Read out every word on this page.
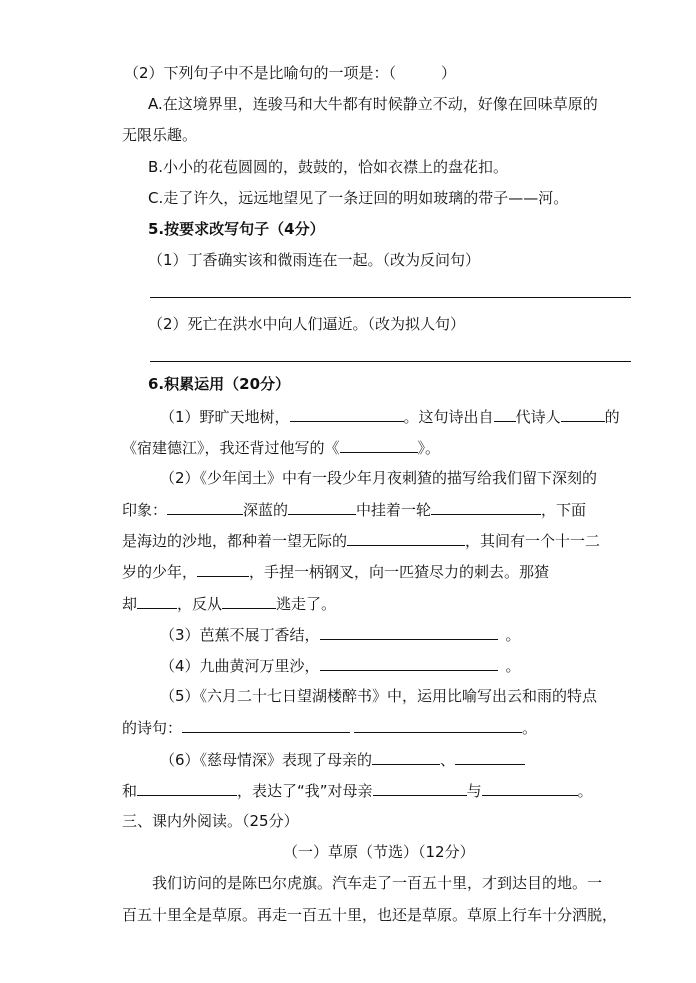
（2）下列句子中不是比喻句的一项是：（　　　）
A.在这境界里，连骏马和大牛都有时候静立不动，好像在回味草原的
无限乐趣。
B.小小的花苞圆圆的，鼓鼓的，恰如衣襟上的盘花扣。
C.走了许久，远远地望见了一条迂回的明如玻璃的带子——河。
5.按要求改写句子（4分）
（1）丁香确实该和微雨连在一起。（改为反问句）
（2）死亡在洪水中向人们逼近。（改为拟人句）
6.积累运用（20分）
（1）野旷天地树，	。这句诗出自 代诗人	的
《宿建德江》，我还背过他写的《	》。
（2）《少年闰土》中有一段少年月夜刺猹的描写给我们留下深刻的
印象：	深蓝的	中挂着一轮	，下面
是海边的沙地，都种着一望无际的	，其间有一个十一二
岁的少年，	，手捏一柄钢叉，向一匹猹尽力的刺去。那猹
却	，反从	逃走了。
（3）芭蕉不展丁香结，	。
（4）九曲黄河万里沙，	。
（5）《六月二十七日望湖楼醉书》中，运用比喻写出云和雨的特点
的诗句：	。
（6）《慈母情深》表现了母亲的	、
和	，表达了“我”对母亲	与	。
三、课内外阅读。（25分）
（一）草原（节选）（12分）
我们访问的是陈巴尔虎旗。汽车走了一百五十里，才到达目的地。一
百五十里全是草原。再走一百五十里，也还是草原。草原上行车十分洒脱，
